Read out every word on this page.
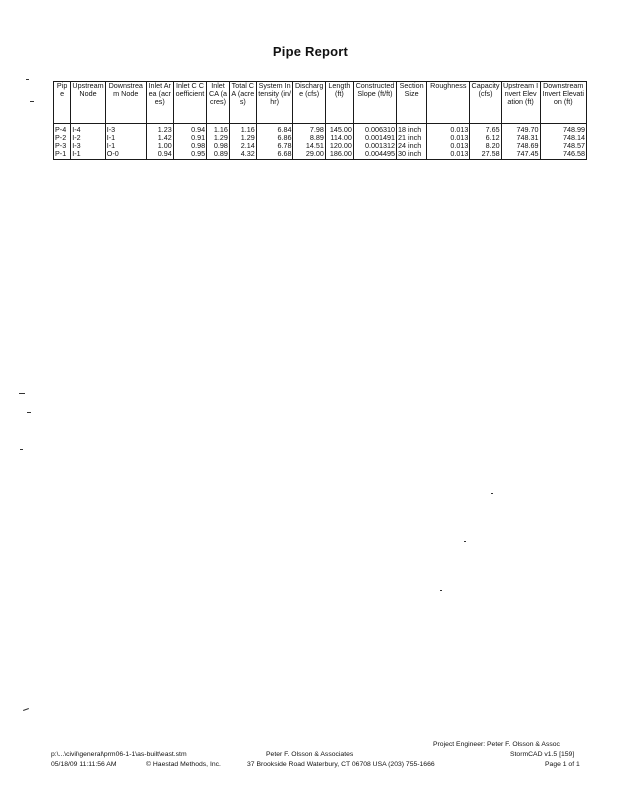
Pipe Report
Pipe	Upstream Node	Downstream Node	Inlet Area (acres)	Inlet C Coefficient	Inlet CA (acres)	Total CA (acres)	System Intensity (in/hr)	Discharge (cfs)	Length (ft)	Constructed Slope (ft/ft)	Section Size	Roughness	Capacity (cfs)	Upstream Invert Elevation (ft)	Downstream Invert Elevation (ft)
P-4	I-4	I-3	1.23	0.94	1.16	1.16	6.84	7.98	145.00	0.006310	18 inch	0.013	7.65	749.70	748.99
P-2	I-2	I-1	1.42	0.91	1.29	1.29	6.86	8.89	114.00	0.001491	21 inch	0.013	6.12	748.31	748.14
P-3	I-3	I-1	1.00	0.98	0.98	2.14	6.78	14.51	120.00	0.001312	24 inch	0.013	8.20	748.69	748.57
P-1	I-1	O-0	0.94	0.95	0.89	4.32	6.68	29.00	186.00	0.004495	30 inch	0.013	27.58	747.45	746.58
Project Engineer: Peter F. Olsson & Assoc
p:\...\civil\general\prm06-1-1\as-built\east.stm	Peter F. Olsson & Associates	StormCAD v1.5 [159]
05/18/09 11:11:56 AM	© Haestad Methods, Inc.	37 Brookside Road Waterbury, CT 06708 USA (203) 755-1666	Page 1 of 1
